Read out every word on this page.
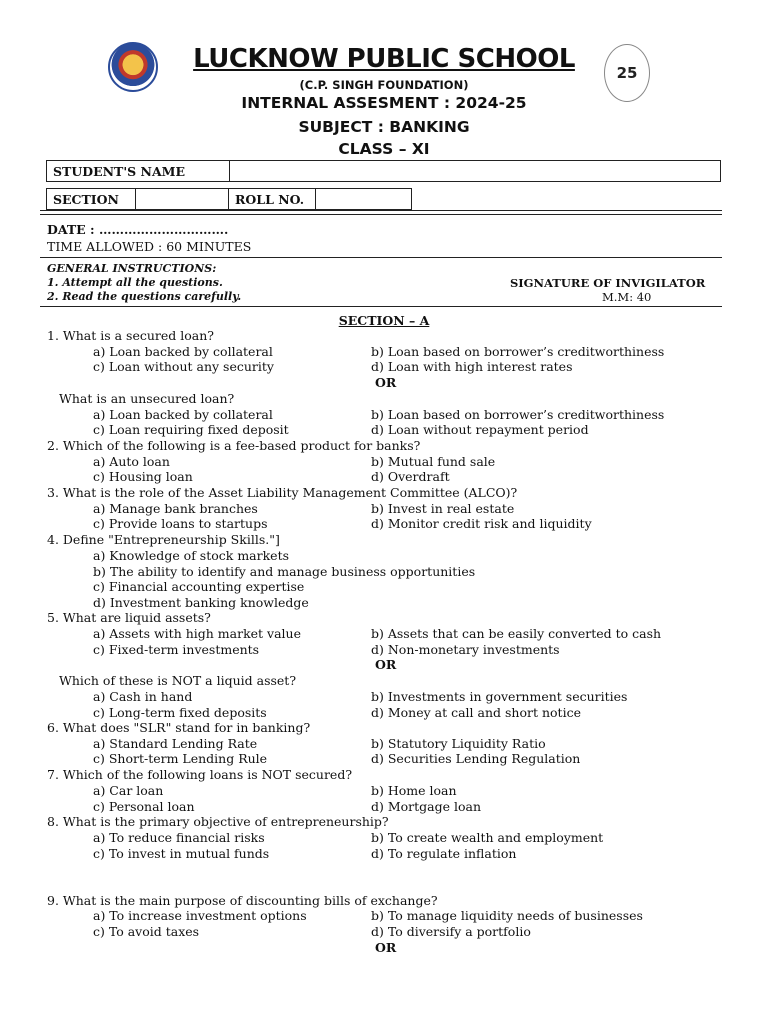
25
LUCKNOW PUBLIC SCHOOL
(C.P. SINGH FOUNDATION)
INTERNAL ASSESMENT : 2024-25
SUBJECT : BANKING
CLASS – XI
STUDENT'S NAME	
SECTION		ROLL NO.	
DATE : ………………………….
TIME ALLOWED : 60 MINUTES
GENERAL INSTRUCTIONS:
1. Attempt all the questions.
2. Read the questions carefully.
SIGNATURE OF INVIGILATOR
M.M: 40
SECTION – A
1. What is a secured loan?
a) Loan backed by collateral	b) Loan based on borrower’s creditworthiness
c) Loan without any security	d) Loan with high interest rates
OR
What is an unsecured loan?
a) Loan backed by collateral	b) Loan based on borrower’s creditworthiness
c) Loan requiring fixed deposit	d) Loan without repayment period
2. Which of the following is a fee-based product for banks?
a) Auto loan	b) Mutual fund sale
c) Housing loan	d) Overdraft
3. What is the role of the Asset Liability Management Committee (ALCO)?
a) Manage bank branches	b) Invest in real estate
c) Provide loans to startups	d) Monitor credit risk and liquidity
4. Define "Entrepreneurship Skills."]
a) Knowledge of stock markets
b) The ability to identify and manage business opportunities
c) Financial accounting expertise
d) Investment banking knowledge
5. What are liquid assets?
a) Assets with high market value	b) Assets that can be easily converted to cash
c) Fixed-term investments	d) Non-monetary investments
OR
Which of these is NOT a liquid asset?
a) Cash in hand	b) Investments in government securities
c) Long-term fixed deposits	d) Money at call and short notice
6. What does "SLR" stand for in banking?
a) Standard Lending Rate	b) Statutory Liquidity Ratio
c) Short-term Lending Rule	d) Securities Lending Regulation
7. Which of the following loans is NOT secured?
a) Car loan	b) Home loan
c) Personal loan	d) Mortgage loan
8. What is the primary objective of entrepreneurship?
a) To reduce financial risks	b) To create wealth and employment
c) To invest in mutual funds	d) To regulate inflation
9. What is the main purpose of discounting bills of exchange?
a) To increase investment options	b) To manage liquidity needs of businesses
c) To avoid taxes	d) To diversify a portfolio
OR
